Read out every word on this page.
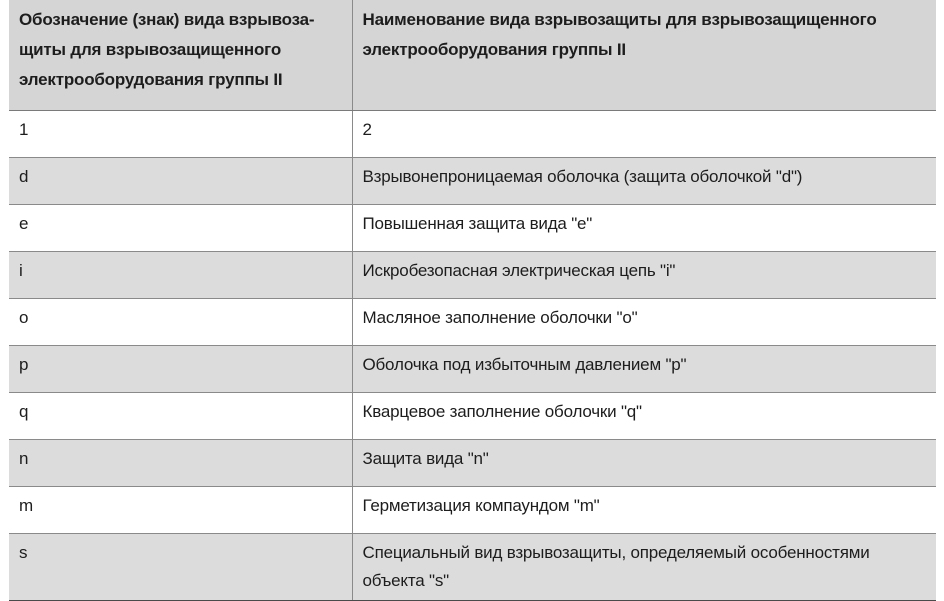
Обозначение (знак) вида взрывоза-щиты для взрывозащищенного электрооборудования группы II	Наименование вида взрывозащиты для взрывозащищенного электрооборудования группы II
1	2
d	Взрывонепроницаемая оболочка (защита оболочкой "d")
e	Повышенная защита вида "е"
i	Искробезопасная электрическая цепь "i"
o	Масляное заполнение оболочки "о"
p	Оболочка под избыточным давлением "р"
q	Кварцевое заполнение оболочки "q"
n	Защита вида "n"
m	Герметизация компаундом "m"
s	Специальный вид взрывозащиты, определяемый особенностями объекта "s"
